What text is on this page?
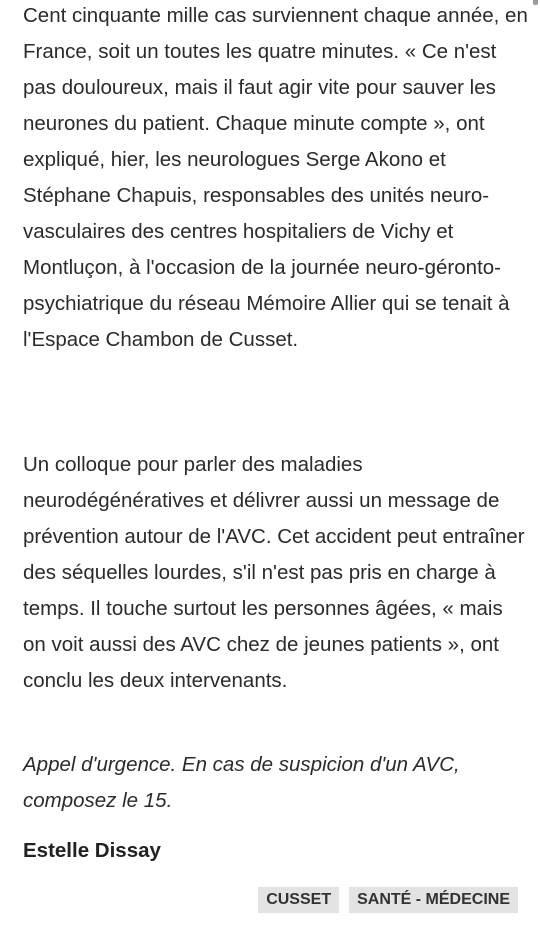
Cent cinquante mille cas surviennent chaque année, en France, soit un toutes les quatre minutes. « Ce n'est pas douloureux, mais il faut agir vite pour sauver les neurones du patient. Chaque minute compte », ont expliqué, hier, les neurologues Serge Akono et Stéphane Chapuis, responsables des unités neuro-vasculaires des centres hospitaliers de Vichy et Montluçon, à l'occasion de la journée neuro-géronto-psychiatrique du réseau Mémoire Allier qui se tenait à l'Espace Chambon de Cusset.

Un colloque pour parler des maladies neurodégénératives et délivrer aussi un message de prévention autour de l'AVC. Cet accident peut entraîner des séquelles lourdes, s'il n'est pas pris en charge à temps. Il touche surtout les personnes âgées, « mais on voit aussi des AVC chez de jeunes patients », ont conclu les deux intervenants.

Appel d'urgence. En cas de suspicion d'un AVC, composez le 15.

Estelle Dissay

CUSSET	SANTÉ - MÉDECINE
